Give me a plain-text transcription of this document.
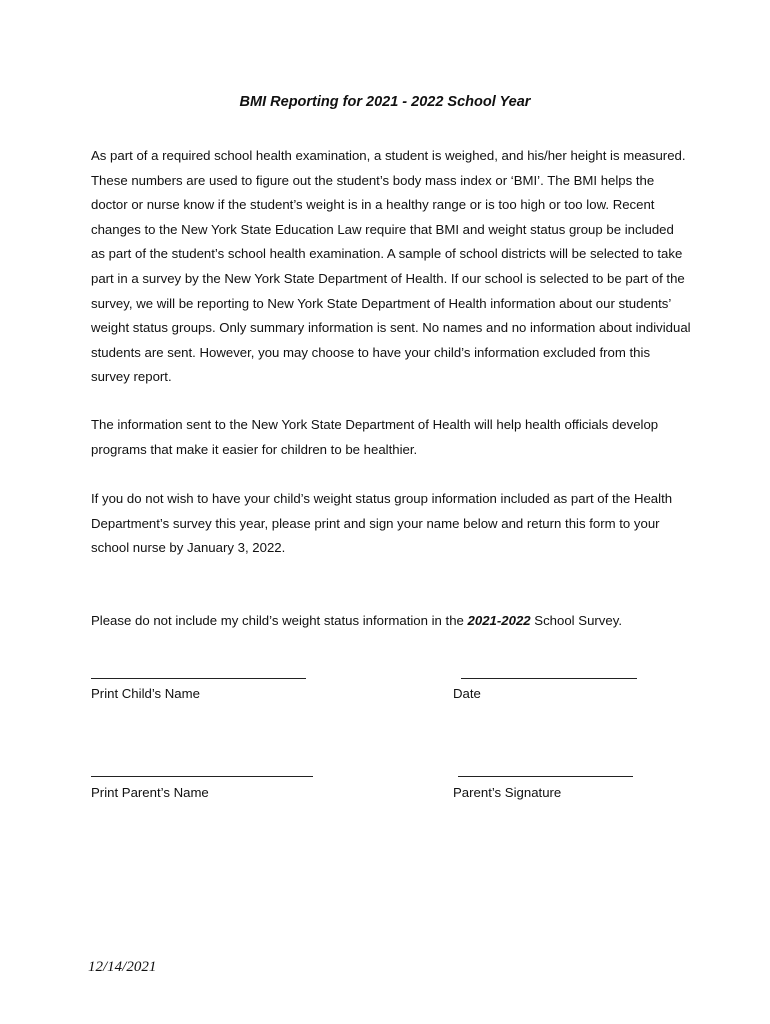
BMI Reporting for 2021 - 2022 School Year

As part of a required school health examination, a student is weighed, and his/her height is measured. These numbers are used to figure out the student’s body mass index or ‘BMI’. The BMI helps the doctor or nurse know if the student’s weight is in a healthy range or is too high or too low. Recent changes to the New York State Education Law require that BMI and weight status group be included as part of the student’s school health examination. A sample of school districts will be selected to take part in a survey by the New York State Department of Health. If our school is selected to be part of the survey, we will be reporting to New York State Department of Health information about our students’ weight status groups. Only summary information is sent. No names and no information about individual students are sent. However, you may choose to have your child’s information excluded from this survey report.

The information sent to the New York State Department of Health will help health officials develop programs that make it easier for children to be healthier.

If you do not wish to have your child’s weight status group information included as part of the Health Department’s survey this year, please print and sign your name below and return this form to your school nurse by January 3, 2022.

Please do not include my child’s weight status information in the 2021-2022 School Survey.
Print Child’s Name	Date
Print Parent’s Name	Parent’s Signature
12/14/2021
